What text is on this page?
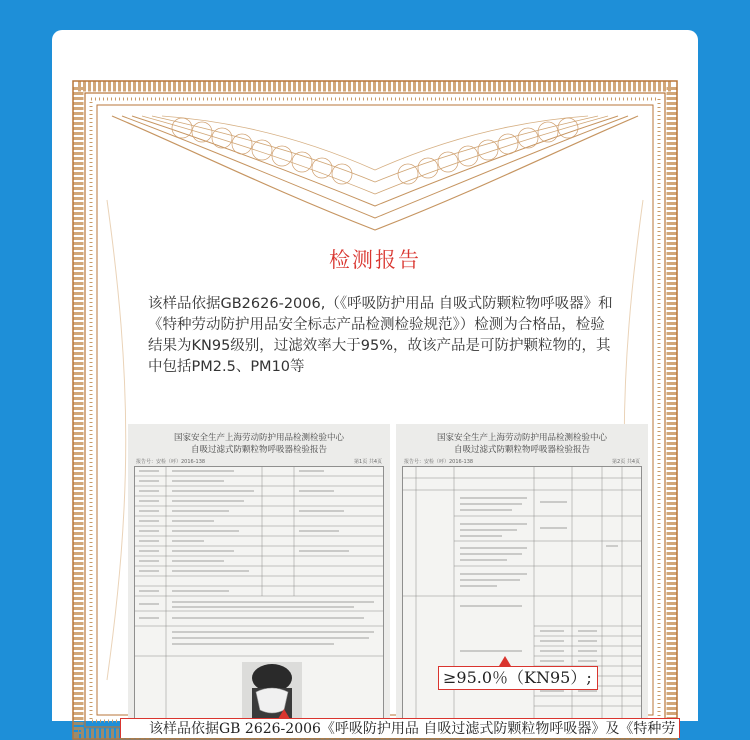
检测报告
该样品依据GB2626-2006,（《呼吸防护用品 自吸式防颗粒物呼吸器》和《特种劳动防护用品安全标志产品检测检验规范》）检测为合格品，检验结果为KN95级别，过滤效率大于95%，故该产品是可防护颗粒物的，其中包括PM2.5、PM10等
国家安全生产上海劳动防护用品检测检验中心
自吸过滤式防颗粒物呼吸器检验报告
报告号：安检（呼）2016-138	第1页 共4页
国家安全生产上海劳动防护用品检测检验中心
自吸过滤式防颗粒物呼吸器检验报告
报告号：安检（呼）2016-138	第2页 共4页
≥95.0％（KN95）;
该样品依据GB 2626-2006《呼吸防护用品 自吸过滤式防颗粒物呼吸器》及《特种劳
